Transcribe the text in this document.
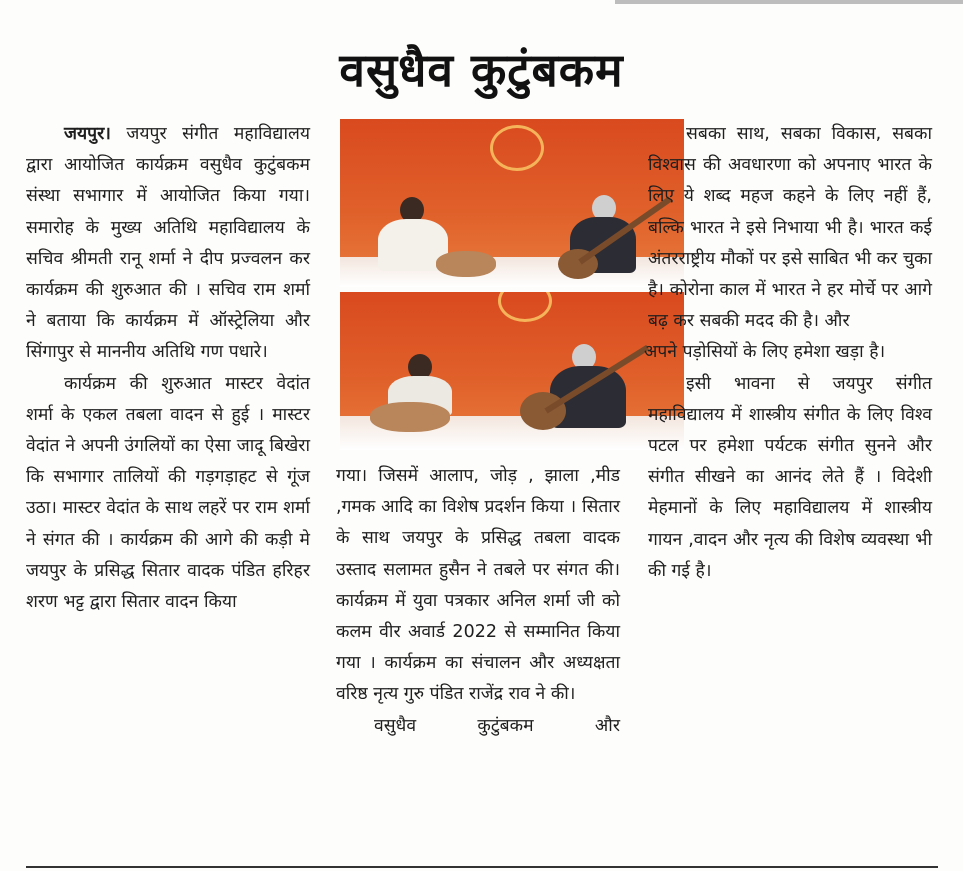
वसुधैव कुटुंबकम

जयपुर। जयपुर संगीत महाविद्यालय द्वारा आयोजित कार्यक्रम वसुधैव कुटुंबकम संस्था सभागार में आयोजित किया गया। समारोह के मुख्य अतिथि महाविद्यालय के सचिव श्रीमती रानू शर्मा ने दीप प्रज्वलन कर कार्यक्रम की शुरुआत की । सचिव राम शर्मा ने बताया कि कार्यक्रम में ऑस्ट्रेलिया और सिंगापुर से माननीय अतिथि गण पधारे।

कार्यक्रम की शुरुआत मास्टर वेदांत शर्मा के एकल तबला वादन से हुई । मास्टर वेदांत ने अपनी उंगलियों का ऐसा जादू बिखेरा कि सभागार तालियों की गड़गड़ाहट से गूंज उठा। मास्टर वेदांत के साथ लहरें पर राम शर्मा ने संगत की । कार्यक्रम की आगे की कड़ी मे जयपुर के प्रसिद्ध सितार वादक पंडित हरिहर शरण भट्ट द्वारा सितार वादन किया

गया। जिसमें आलाप, जोड़ , झाला ,मीड ,गमक आदि का विशेष प्रदर्शन किया । सितार के साथ जयपुर के प्रसिद्ध तबला वादक उस्ताद सलामत हुसैन ने तबले पर संगत की। कार्यक्रम में युवा पत्रकार अनिल शर्मा जी को कलम वीर अवार्ड 2022 से सम्मानित किया गया । कार्यक्रम का संचालन और अध्यक्षता वरिष्ठ नृत्य गुरु पंडित राजेंद्र राव ने की।

वसुधैव कुटुंबकम और

सबका साथ, सबका विकास, सबका विश्वास की अवधारणा को अपनाए भारत के लिए ये शब्द महज कहने के लिए नहीं हैं, बल्कि भारत ने इसे निभाया भी है। भारत कई अंतरराष्ट्रीय मौकों पर इसे साबित भी कर चुका है। कोरोना काल में भारत ने हर मोर्चे पर आगे बढ़ कर सबकी मदद की है। और

अपने पड़ोसियों के लिए हमेशा खड़ा है।

इसी भावना से जयपुर संगीत महाविद्यालय में शास्त्रीय संगीत के लिए विश्व पटल पर हमेशा पर्यटक संगीत सुनने और संगीत सीखने का आनंद लेते हैं । विदेशी मेहमानों के लिए महाविद्यालय में शास्त्रीय गायन ,वादन और नृत्य की विशेष व्यवस्था भी की गई है।
